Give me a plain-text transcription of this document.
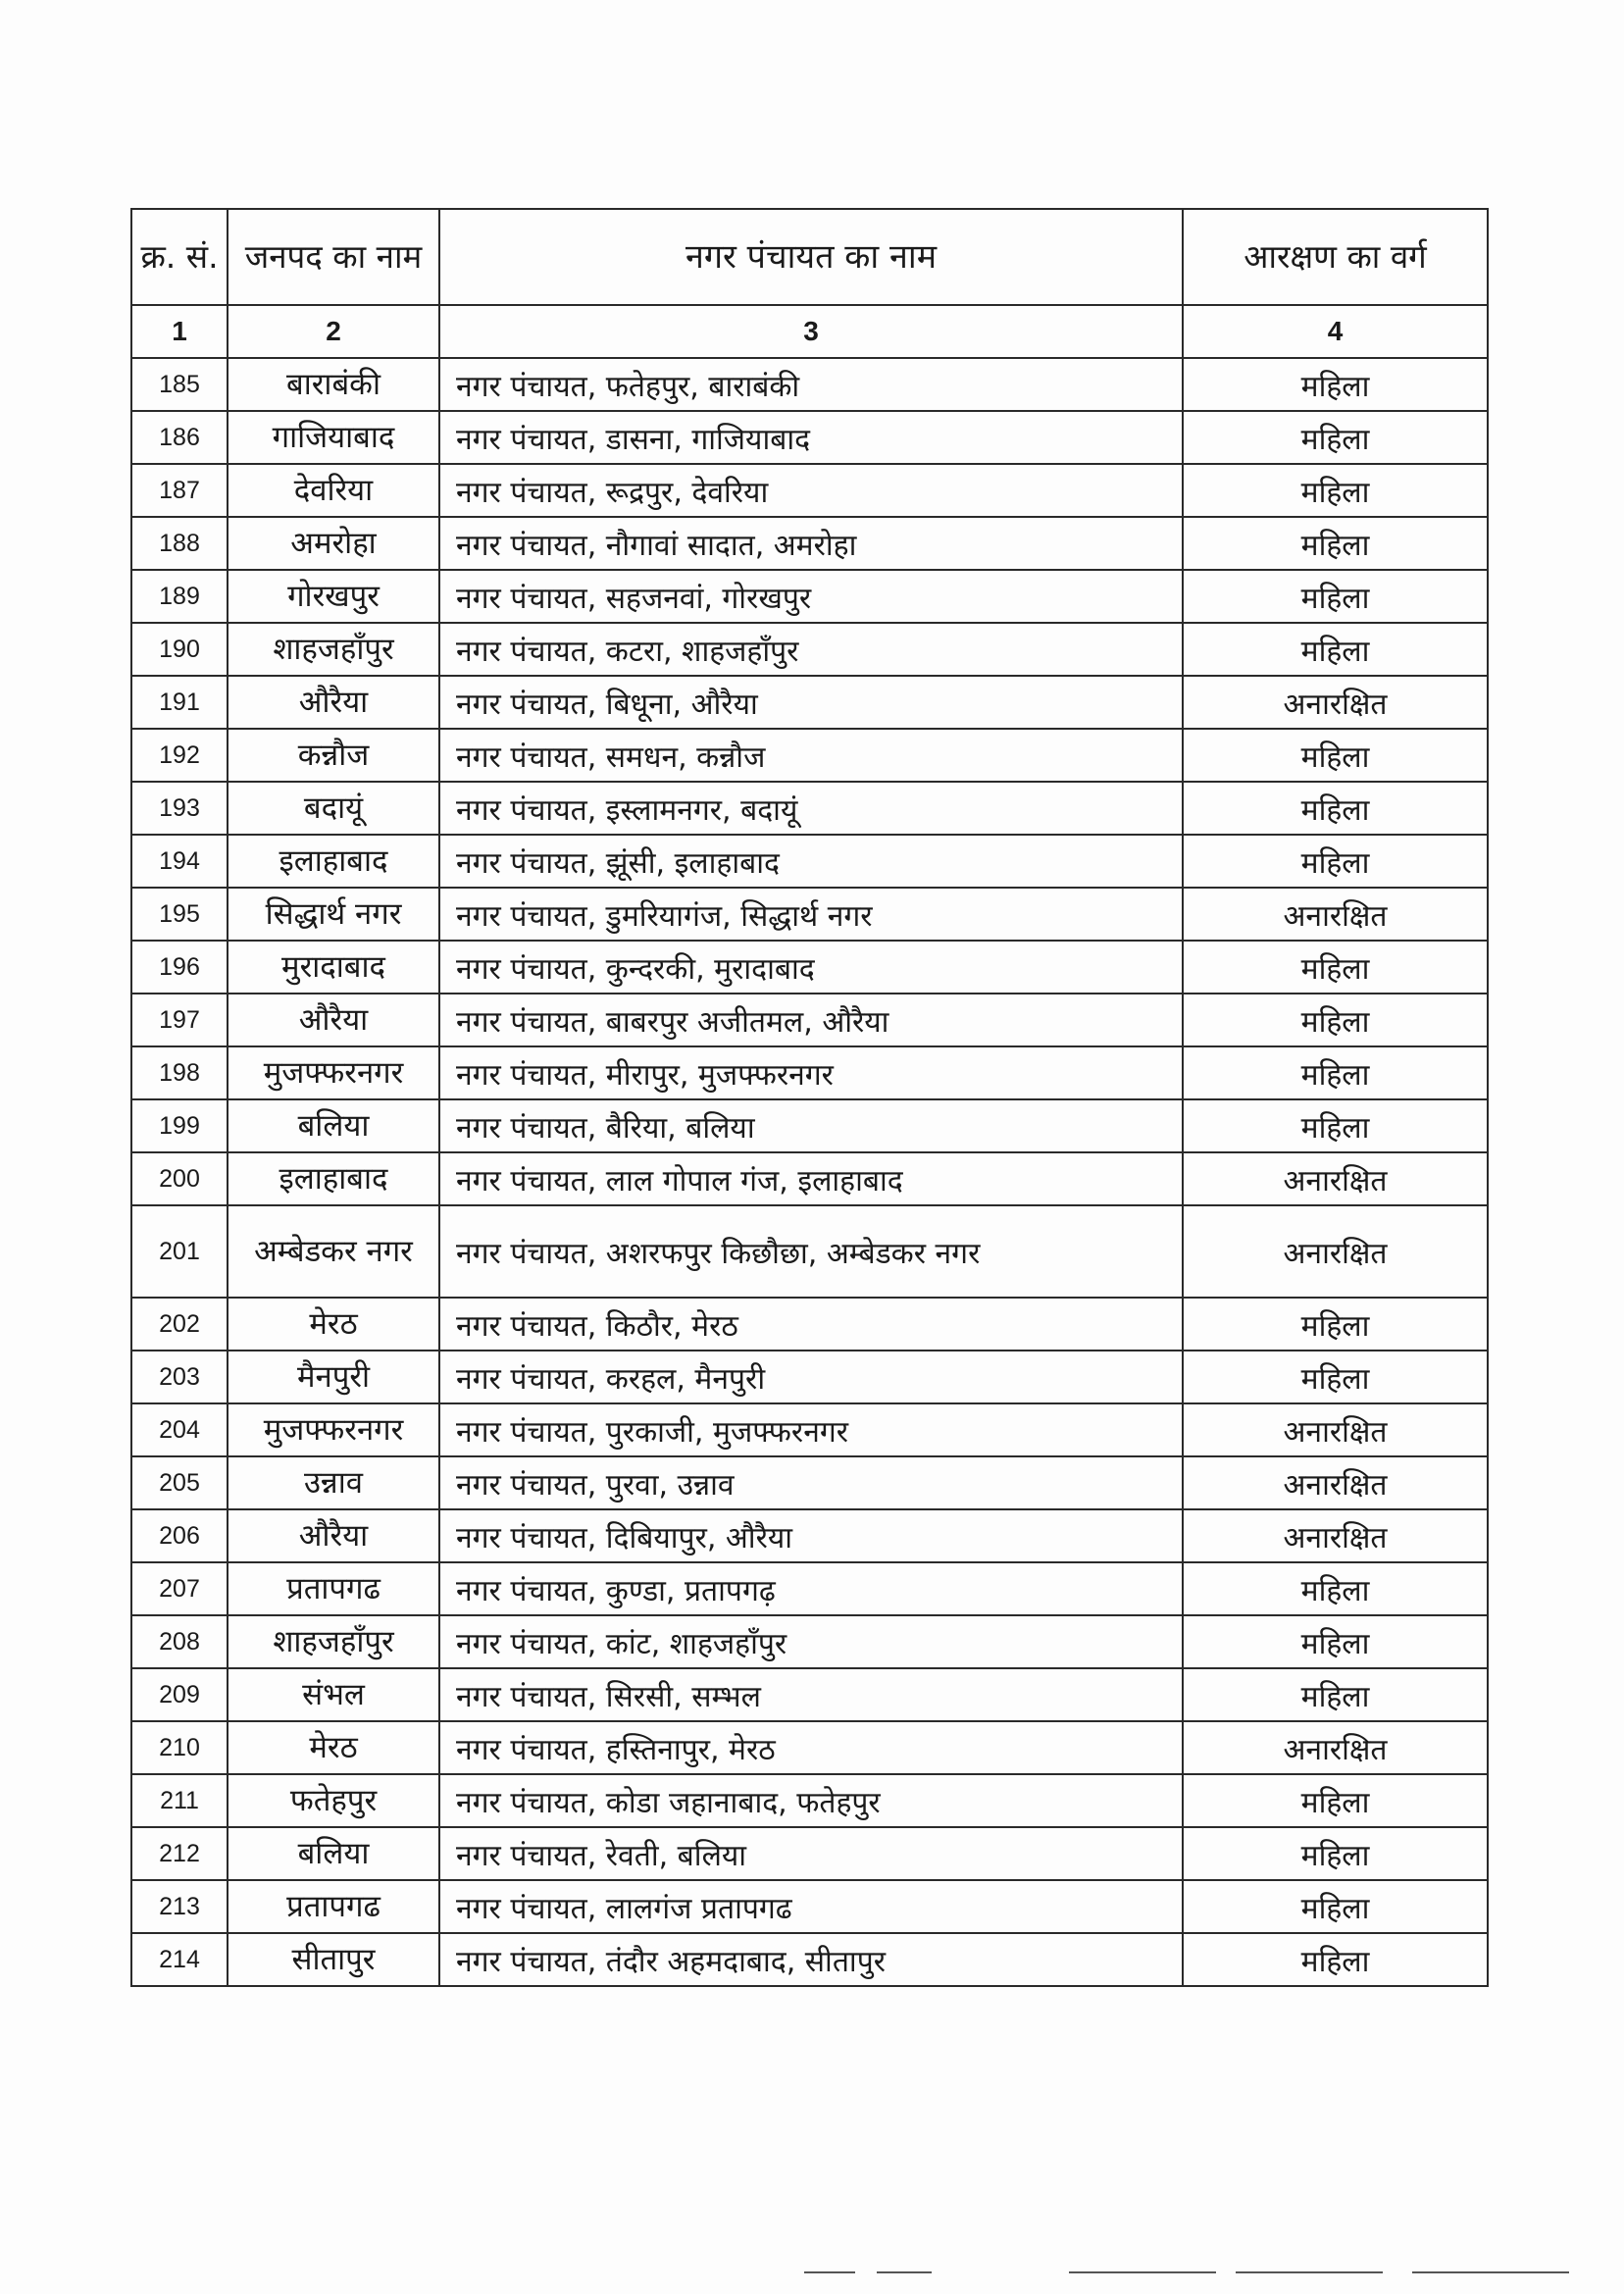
क्र. सं.	जनपद का नाम	नगर पंचायत का नाम	आरक्षण का वर्ग
1	2	3	4
185	बाराबंकी	नगर पंचायत, फतेहपुर, बाराबंकी	महिला
186	गाजियाबाद	नगर पंचायत, डासना, गाजियाबाद	महिला
187	देवरिया	नगर पंचायत, रूद्रपुर, देवरिया	महिला
188	अमरोहा	नगर पंचायत, नौगावां सादात, अमरोहा	महिला
189	गोरखपुर	नगर पंचायत, सहजनवां, गोरखपुर	महिला
190	शाहजहाँपुर	नगर पंचायत, कटरा, शाहजहाँपुर	महिला
191	औरैया	नगर पंचायत, बिधूना, औरैया	अनारक्षित
192	कन्नौज	नगर पंचायत, समधन, कन्नौज	महिला
193	बदायूं	नगर पंचायत, इस्लामनगर, बदायूं	महिला
194	इलाहाबाद	नगर पंचायत, झूंसी, इलाहाबाद	महिला
195	सिद्धार्थ नगर	नगर पंचायत, डुमरियागंज, सिद्धार्थ नगर	अनारक्षित
196	मुरादाबाद	नगर पंचायत, कुन्दरकी, मुरादाबाद	महिला
197	औरैया	नगर पंचायत, बाबरपुर अजीतमल, औरैया	महिला
198	मुजफ्फरनगर	नगर पंचायत, मीरापुर, मुजफ्फरनगर	महिला
199	बलिया	नगर पंचायत, बैरिया, बलिया	महिला
200	इलाहाबाद	नगर पंचायत, लाल गोपाल गंज, इलाहाबाद	अनारक्षित
201	अम्बेडकर नगर	नगर पंचायत, अशरफपुर किछौछा, अम्बेडकर नगर	अनारक्षित
202	मेरठ	नगर पंचायत, किठौर, मेरठ	महिला
203	मैनपुरी	नगर पंचायत, करहल, मैनपुरी	महिला
204	मुजफ्फरनगर	नगर पंचायत, पुरकाजी, मुजफ्फरनगर	अनारक्षित
205	उन्नाव	नगर पंचायत, पुरवा, उन्नाव	अनारक्षित
206	औरैया	नगर पंचायत, दिबियापुर, औरैया	अनारक्षित
207	प्रतापगढ	नगर पंचायत, कुण्डा, प्रतापगढ़	महिला
208	शाहजहाँपुर	नगर पंचायत, कांट, शाहजहाँपुर	महिला
209	संभल	नगर पंचायत, सिरसी, सम्भल	महिला
210	मेरठ	नगर पंचायत, हस्तिनापुर, मेरठ	अनारक्षित
211	फतेहपुर	नगर पंचायत, कोडा जहानाबाद, फतेहपुर	महिला
212	बलिया	नगर पंचायत, रेवती, बलिया	महिला
213	प्रतापगढ	नगर पंचायत, लालगंज प्रतापगढ	महिला
214	सीतापुर	नगर पंचायत, तंदौर अहमदाबाद, सीतापुर	महिला
